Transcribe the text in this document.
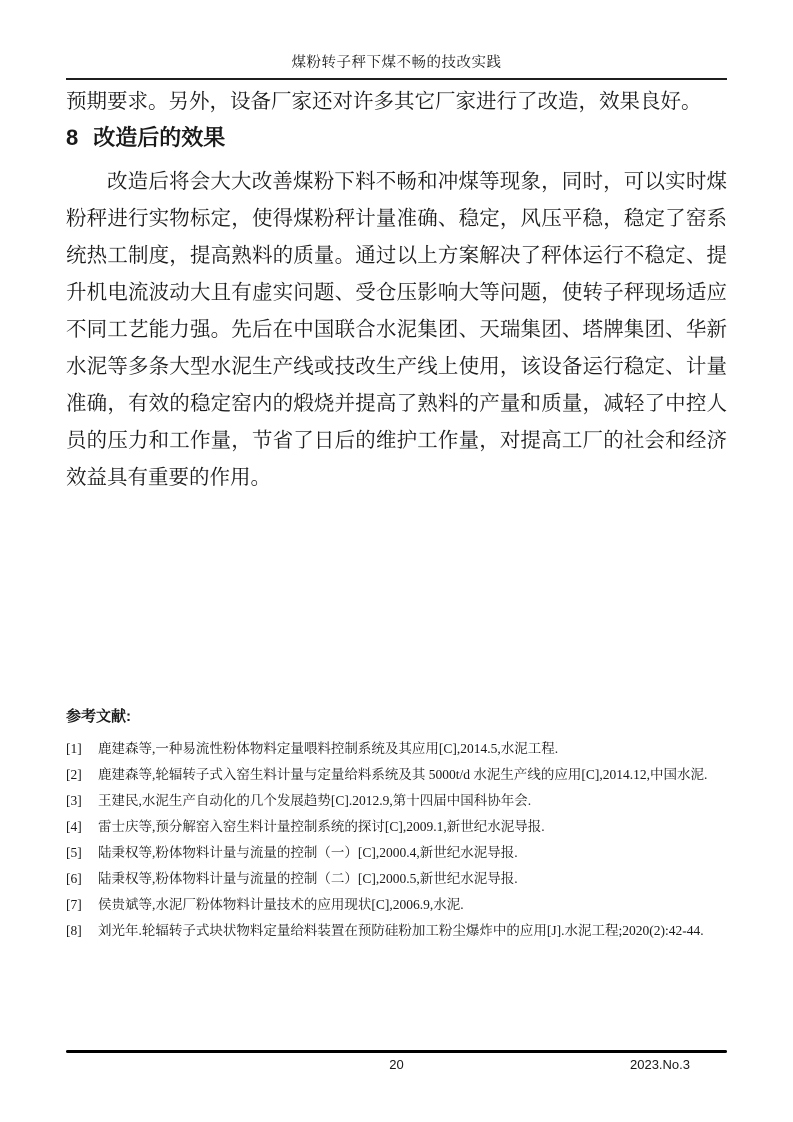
煤粉转子秤下煤不畅的技改实践
预期要求。另外，设备厂家还对许多其它厂家进行了改造，效果良好。
8 改造后的效果
改造后将会大大改善煤粉下料不畅和冲煤等现象，同时，可以实时煤粉秤进行实物标定，使得煤粉秤计量准确、稳定，风压平稳，稳定了窑系统热工制度，提高熟料的质量。通过以上方案解决了秤体运行不稳定、提升机电流波动大且有虚实问题、受仓压影响大等问题，使转子秤现场适应不同工艺能力强。先后在中国联合水泥集团、天瑞集团、塔牌集团、华新水泥等多条大型水泥生产线或技改生产线上使用，该设备运行稳定、计量准确，有效的稳定窑内的煅烧并提高了熟料的产量和质量，减轻了中控人员的压力和工作量，节省了日后的维护工作量，对提高工厂的社会和经济效益具有重要的作用。
参考文献:
[1]	鹿建森等,一种易流性粉体物料定量喂料控制系统及其应用[C],2014.5,水泥工程.
[2]	鹿建森等,轮辐转子式入窑生料计量与定量给料系统及其 5000t/d 水泥生产线的应用[C],2014.12,中国水泥.
[3]	王建民,水泥生产自动化的几个发展趋势[C].2012.9,第十四届中国科协年会.
[4]	雷士庆等,预分解窑入窑生料计量控制系统的探讨[C],2009.1,新世纪水泥导报.
[5]	陆秉权等,粉体物料计量与流量的控制（一）[C],2000.4,新世纪水泥导报.
[6]	陆秉权等,粉体物料计量与流量的控制（二）[C],2000.5,新世纪水泥导报.
[7]	侯贵斌等,水泥厂粉体物料计量技术的应用现状[C],2006.9,水泥.
[8]	刘光年.轮辐转子式块状物料定量给料装置在预防硅粉加工粉尘爆炸中的应用[J].水泥工程;2020(2):42-44.
20	2023.No.3
